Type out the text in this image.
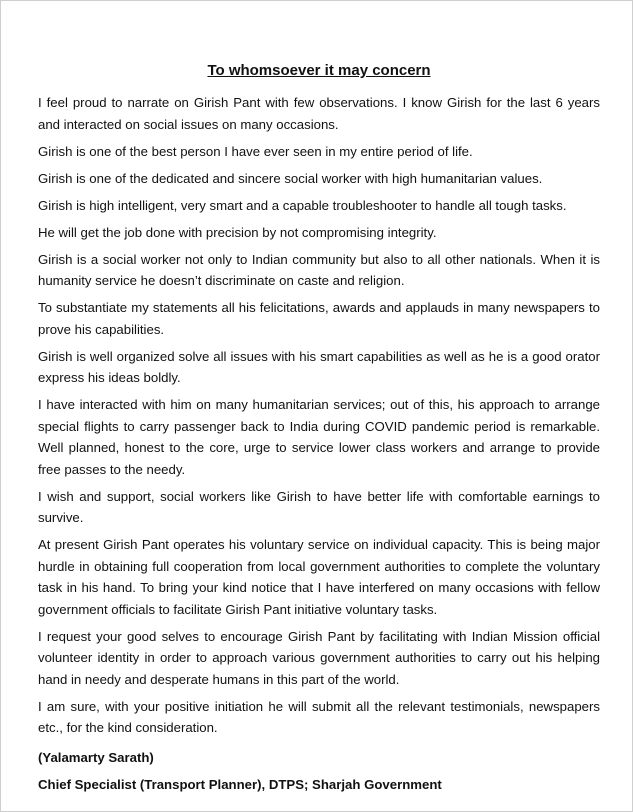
To whomsoever it may concern

I feel proud to narrate on Girish Pant with few observations. I know Girish for the last 6 years and interacted on social issues on many occasions.

Girish is one of the best person I have ever seen in my entire period of life.

Girish is one of the dedicated and sincere social worker with high humanitarian values.

Girish is high intelligent, very smart and a capable troubleshooter to handle all tough tasks.

He will get the job done with precision by not compromising integrity.

Girish is a social worker not only to Indian community but also to all other nationals. When it is humanity service he doesn’t discriminate on caste and religion.

To substantiate my statements all his felicitations, awards and applauds in many newspapers to prove his capabilities.

Girish is well organized solve all issues with his smart capabilities as well as he is a good orator express his ideas boldly.

I have interacted with him on many humanitarian services; out of this, his approach to arrange special flights to carry passenger back to India during COVID pandemic period is remarkable. Well planned, honest to the core, urge to service lower class workers and arrange to provide free passes to the needy.

I wish and support, social workers like Girish to have better life with comfortable earnings to survive.

At present Girish Pant operates his voluntary service on individual capacity. This is being major hurdle in obtaining full cooperation from local government authorities to complete the voluntary task in his hand. To bring your kind notice that I have interfered on many occasions with fellow government officials to facilitate Girish Pant initiative voluntary tasks.

I request your good selves to encourage Girish Pant by facilitating with Indian Mission official volunteer identity in order to approach various government authorities to carry out his helping hand in needy and desperate humans in this part of the world.

I am sure, with your positive initiation he will submit all the relevant testimonials, newspapers etc., for the kind consideration.

(Yalamarty Sarath)
Chief Specialist (Transport Planner), DTPS; Sharjah Government
